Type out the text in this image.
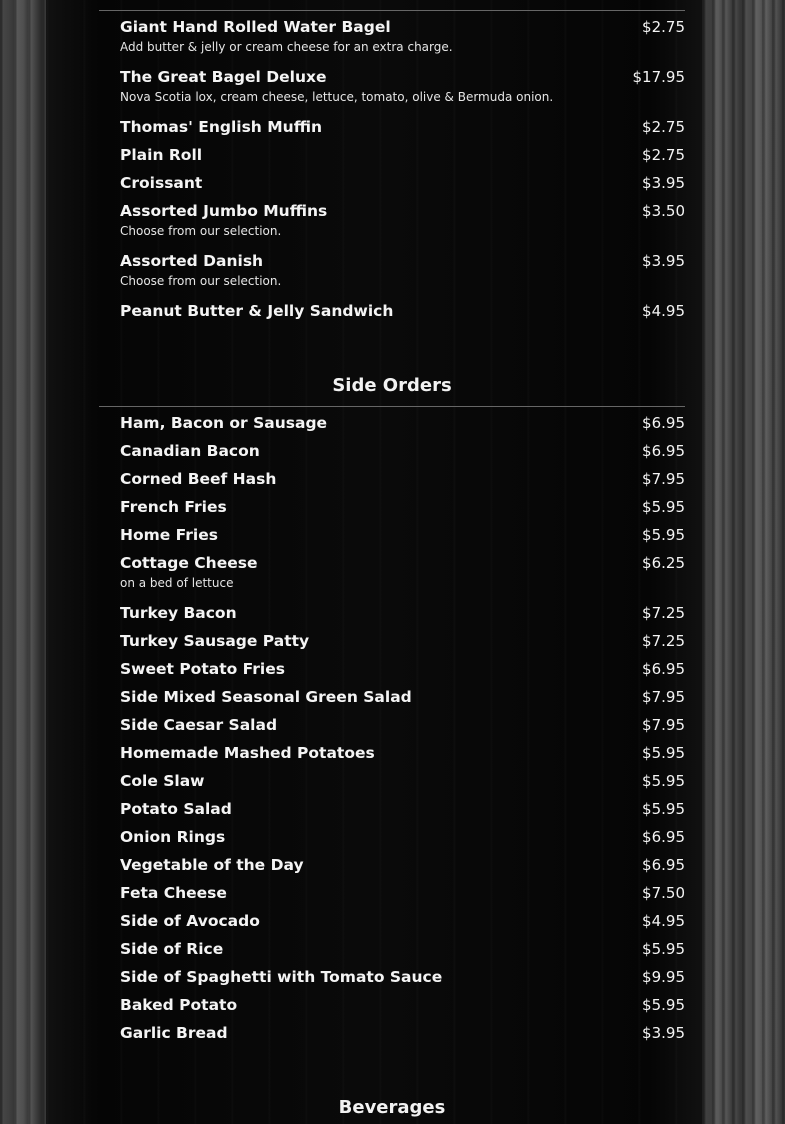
Giant Hand Rolled Water Bagel	$2.75
Add butter & jelly or cream cheese for an extra charge.
The Great Bagel Deluxe	$17.95
Nova Scotia lox, cream cheese, lettuce, tomato, olive & Bermuda onion.
Thomas' English Muffin	$2.75
Plain Roll	$2.75
Croissant	$3.95
Assorted Jumbo Muffins	$3.50
Choose from our selection.
Assorted Danish	$3.95
Choose from our selection.
Peanut Butter & Jelly Sandwich	$4.95
Side Orders
Ham, Bacon or Sausage	$6.95
Canadian Bacon	$6.95
Corned Beef Hash	$7.95
French Fries	$5.95
Home Fries	$5.95
Cottage Cheese	$6.25
on a bed of lettuce
Turkey Bacon	$7.25
Turkey Sausage Patty	$7.25
Sweet Potato Fries	$6.95
Side Mixed Seasonal Green Salad	$7.95
Side Caesar Salad	$7.95
Homemade Mashed Potatoes	$5.95
Cole Slaw	$5.95
Potato Salad	$5.95
Onion Rings	$6.95
Vegetable of the Day	$6.95
Feta Cheese	$7.50
Side of Avocado	$4.95
Side of Rice	$5.95
Side of Spaghetti with Tomato Sauce	$9.95
Baked Potato	$5.95
Garlic Bread	$3.95
Beverages
